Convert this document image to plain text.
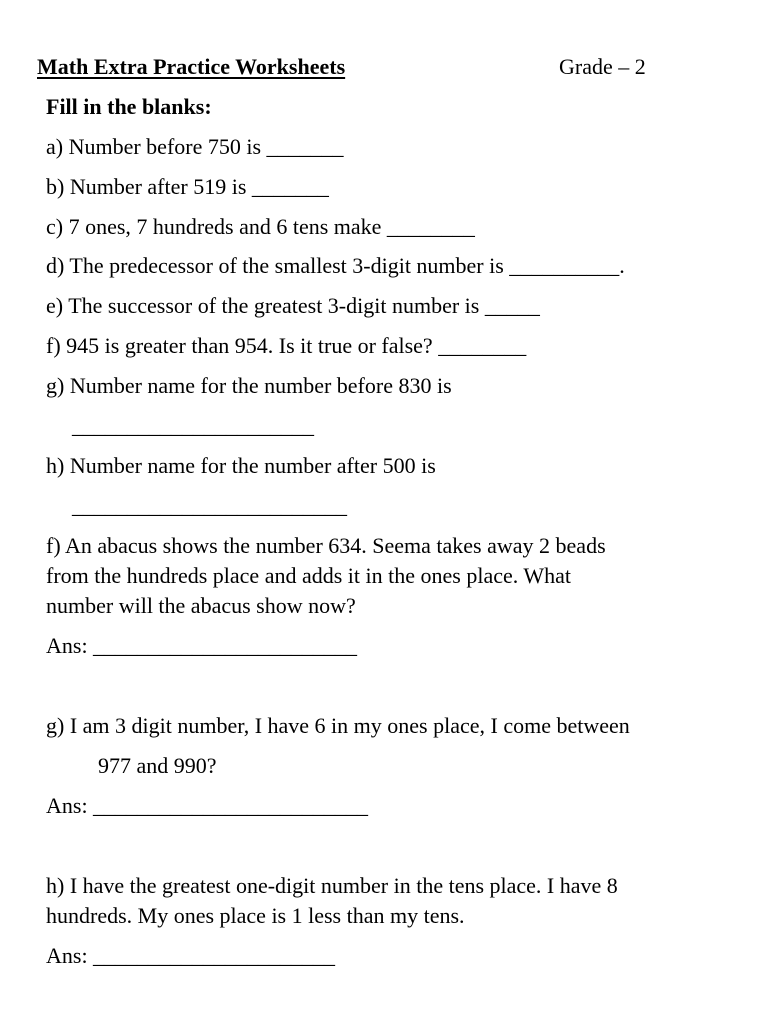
Math Extra Practice Worksheets	Grade – 2
Fill in the blanks:
a) Number before 750 is _______
b) Number after 519 is _______
c) 7 ones, 7 hundreds and 6 tens make ________
d) The predecessor of the smallest 3-digit number is __________.
e) The successor of the greatest 3-digit number is _____
f) 945 is greater than 954. Is it true or false? ________
g) Number name for the number before 830 is
______________________
h) Number name for the number after 500 is
_________________________
f) An abacus shows the number 634. Seema takes away 2 beads
from the hundreds place and adds it in the ones place. What
number will the abacus show now?
Ans: ________________________
g) I am 3 digit number, I have 6 in my ones place, I come between
977 and 990?
Ans: _________________________
h) I have the greatest one-digit number in the tens place. I have 8
hundreds. My ones place is 1 less than my tens.
Ans: ______________________
